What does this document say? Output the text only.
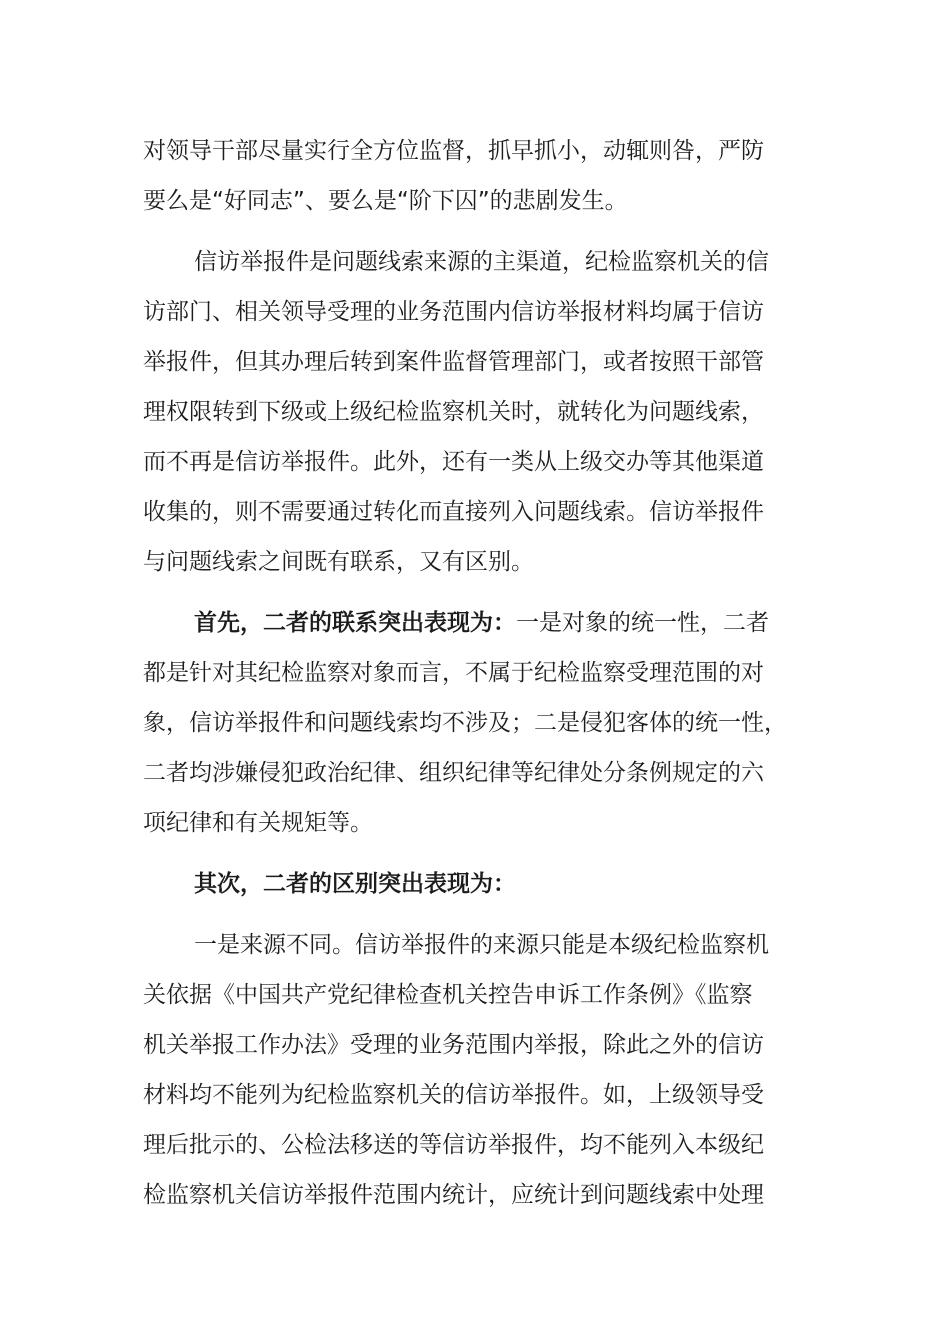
对领导干部尽量实行全方位监督，抓早抓小，动辄则咎，严防
要么是“好同志”、要么是“阶下囚”的悲剧发生。
信访举报件是问题线索来源的主渠道，纪检监察机关的信
访部门、相关领导受理的业务范围内信访举报材料均属于信访
举报件，但其办理后转到案件监督管理部门，或者按照干部管
理权限转到下级或上级纪检监察机关时，就转化为问题线索，
而不再是信访举报件。此外，还有一类从上级交办等其他渠道
收集的，则不需要通过转化而直接列入问题线索。信访举报件
与问题线索之间既有联系，又有区别。
首先，二者的联系突出表现为：一是对象的统一性，二者
都是针对其纪检监察对象而言，不属于纪检监察受理范围的对
象，信访举报件和问题线索均不涉及；二是侵犯客体的统一性，
二者均涉嫌侵犯政治纪律、组织纪律等纪律处分条例规定的六
项纪律和有关规矩等。
其次，二者的区别突出表现为：
一是来源不同。信访举报件的来源只能是本级纪检监察机
关依据《中国共产党纪律检查机关控告申诉工作条例》《监察
机关举报工作办法》受理的业务范围内举报，除此之外的信访
材料均不能列为纪检监察机关的信访举报件。如，上级领导受
理后批示的、公检法移送的等信访举报件，均不能列入本级纪
检监察机关信访举报件范围内统计，应统计到问题线索中处理
